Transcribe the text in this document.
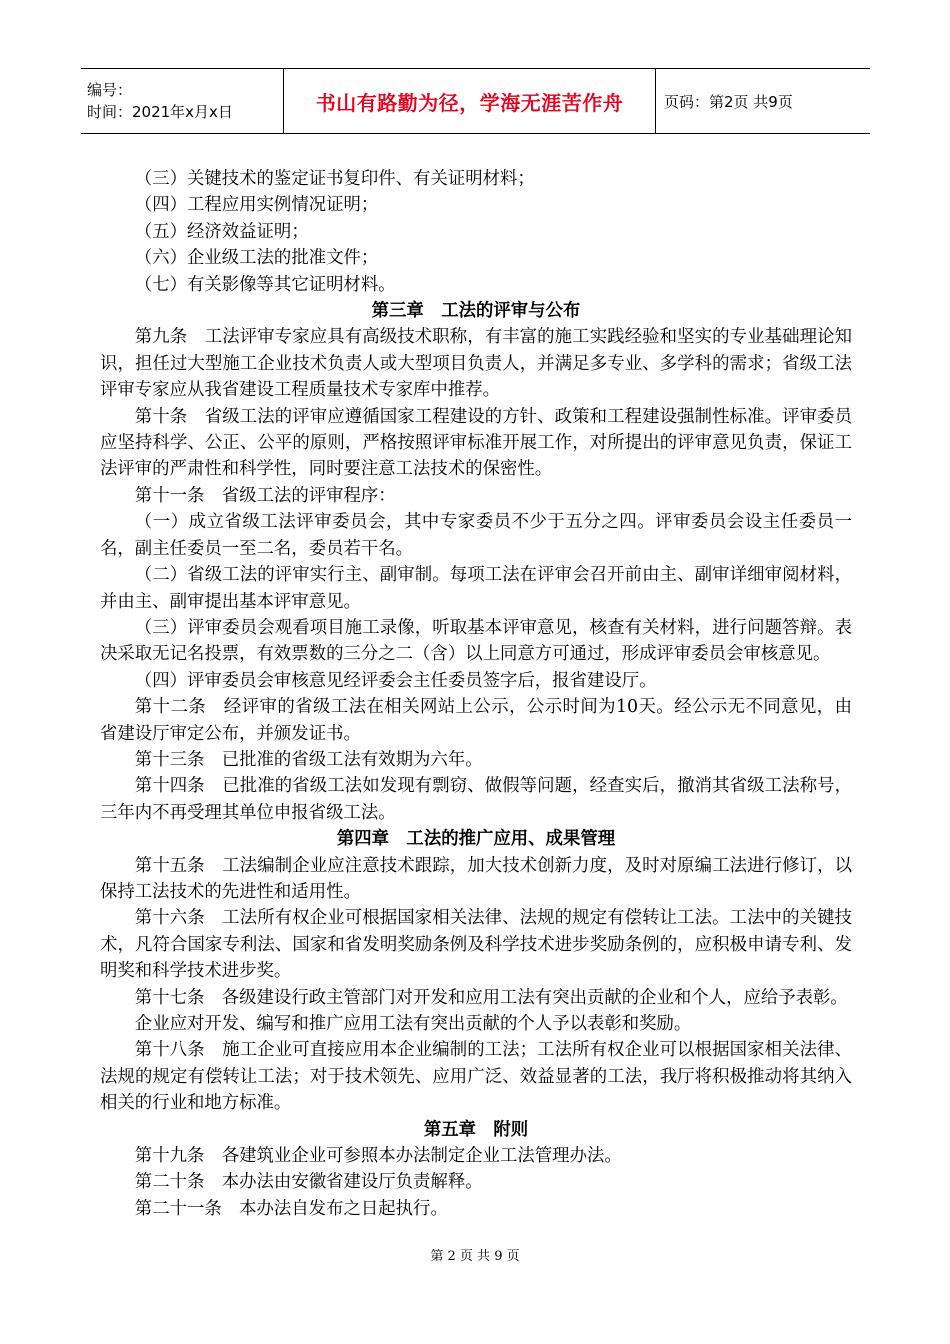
编号：
时间：2021年x月x日	书山有路勤为径，学海无涯苦作舟	页码：第2页 共9页

（三）关键技术的鉴定证书复印件、有关证明材料；

（四）工程应用实例情况证明；

（五）经济效益证明；

（六）企业级工法的批准文件；

（七）有关影像等其它证明材料。

第三章　工法的评审与公布

第九条　工法评审专家应具有高级技术职称，有丰富的施工实践经验和坚实的专业基础理论知识，担任过大型施工企业技术负责人或大型项目负责人，并满足多专业、多学科的需求；省级工法评审专家应从我省建设工程质量技术专家库中推荐。

第十条　省级工法的评审应遵循国家工程建设的方针、政策和工程建设强制性标准。评审委员应坚持科学、公正、公平的原则，严格按照评审标准开展工作，对所提出的评审意见负责，保证工法评审的严肃性和科学性，同时要注意工法技术的保密性。

第十一条　省级工法的评审程序：

（一）成立省级工法评审委员会，其中专家委员不少于五分之四。评审委员会设主任委员一名，副主任委员一至二名，委员若干名。

（二）省级工法的评审实行主、副审制。每项工法在评审会召开前由主、副审详细审阅材料，并由主、副审提出基本评审意见。

（三）评审委员会观看项目施工录像，听取基本评审意见，核查有关材料，进行问题答辩。表决采取无记名投票，有效票数的三分之二（含）以上同意方可通过，形成评审委员会审核意见。

（四）评审委员会审核意见经评委会主任委员签字后，报省建设厅。

第十二条　经评审的省级工法在相关网站上公示，公示时间为10天。经公示无不同意见，由省建设厅审定公布，并颁发证书。

第十三条　已批准的省级工法有效期为六年。

第十四条　已批准的省级工法如发现有剽窃、做假等问题，经查实后，撤消其省级工法称号，三年内不再受理其单位申报省级工法。

第四章　工法的推广应用、成果管理

第十五条　工法编制企业应注意技术跟踪，加大技术创新力度，及时对原编工法进行修订，以保持工法技术的先进性和适用性。

第十六条　工法所有权企业可根据国家相关法律、法规的规定有偿转让工法。工法中的关键技术，凡符合国家专利法、国家和省发明奖励条例及科学技术进步奖励条例的，应积极申请专利、发明奖和科学技术进步奖。

第十七条　各级建设行政主管部门对开发和应用工法有突出贡献的企业和个人，应给予表彰。

企业应对开发、编写和推广应用工法有突出贡献的个人予以表彰和奖励。

第十八条　施工企业可直接应用本企业编制的工法；工法所有权企业可以根据国家相关法律、法规的规定有偿转让工法；对于技术领先、应用广泛、效益显著的工法，我厅将积极推动将其纳入相关的行业和地方标准。

第五章　附则

第十九条　各建筑业企业可参照本办法制定企业工法管理办法。

第二十条　本办法由安徽省建设厅负责解释。

第二十一条　本办法自发布之日起执行。

第 2 页 共 9 页
